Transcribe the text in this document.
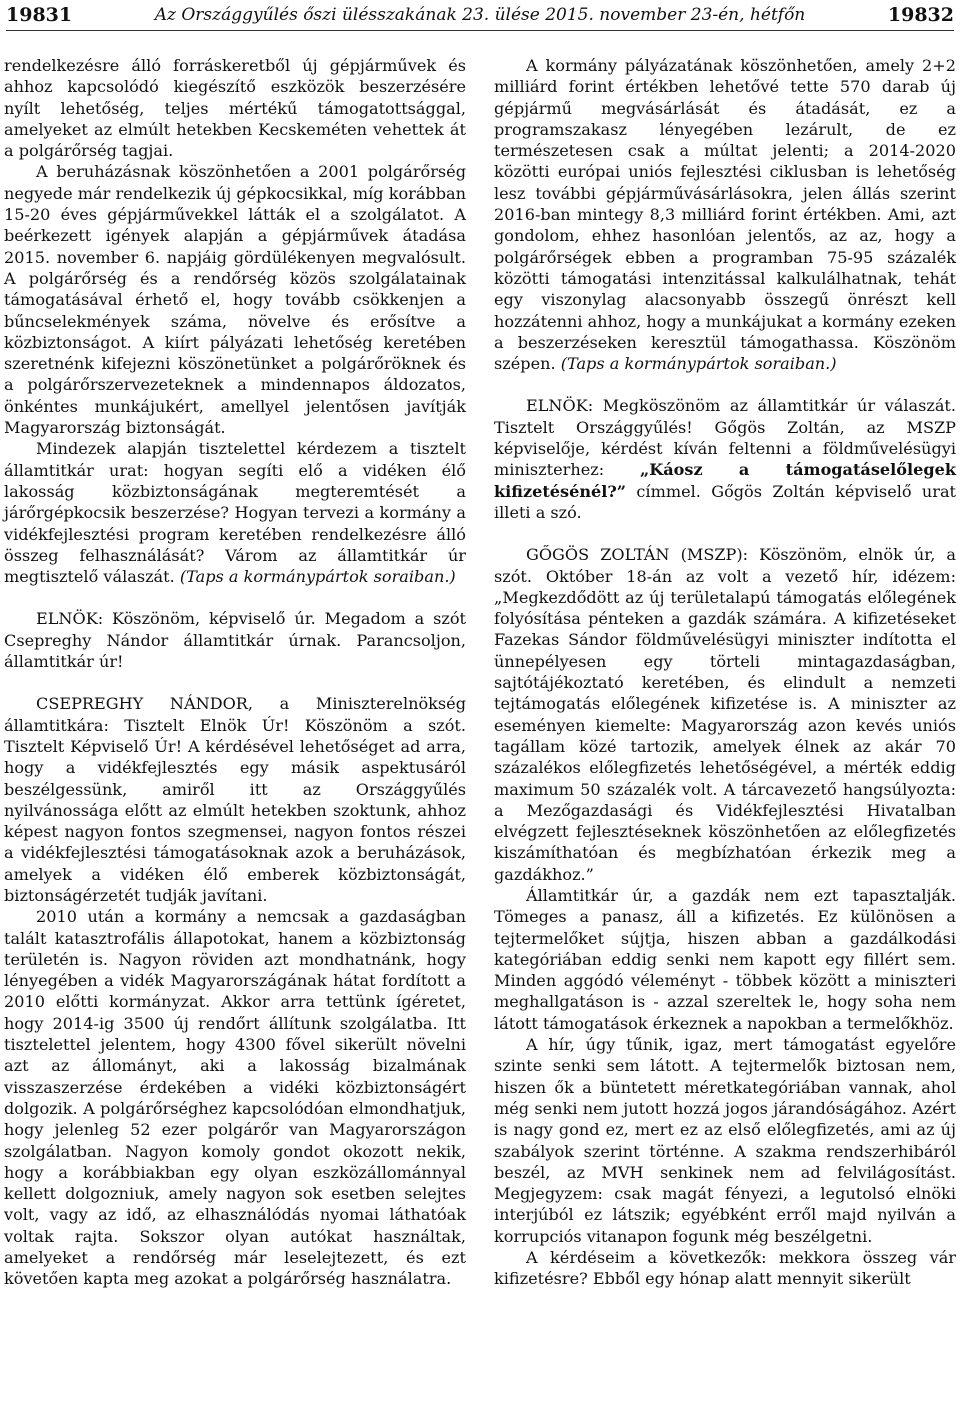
19831	Az Országgyűlés őszi ülésszakának 23. ülése 2015. november 23-én, hétfőn	19832

rendelkezésre álló forráskeretből új gépjárművek és ahhoz kapcsolódó kiegészítő eszközök beszerzésére nyílt lehetőség, teljes mértékű támogatottsággal, amelyeket az elmúlt hetekben Kecskeméten vehettek át a polgárőrség tagjai.

A beruházásnak köszönhetően a 2001 polgárőrség negyede már rendelkezik új gépkocsikkal, míg korábban 15-20 éves gépjárművekkel látták el a szolgálatot. A beérkezett igények alapján a gépjárművek átadása 2015. november 6. napjáig gördülékenyen megvalósult. A polgárőrség és a rendőrség közös szolgálatainak támogatásával érhető el, hogy tovább csökkenjen a bűncselekmények száma, növelve és erősítve a közbiztonságot. A kiírt pályázati lehetőség keretében szeretnénk kifejezni köszönetünket a polgárőröknek és a polgárőrszervezeteknek a mindennapos áldozatos, önkéntes munkájukért, amellyel jelentősen javítják Magyarország biztonságát.

Mindezek alapján tisztelettel kérdezem a tisztelt államtitkár urat: hogyan segíti elő a vidéken élő lakosság közbiztonságának megteremtését a járőrgépkocsik beszerzése? Hogyan tervezi a kormány a vidékfejlesztési program keretében rendelkezésre álló összeg felhasználását? Várom az államtitkár úr megtisztelő válaszát. (Taps a kormánypártok soraiban.)

ELNÖK: Köszönöm, képviselő úr. Megadom a szót Csepreghy Nándor államtitkár úrnak. Parancsoljon, államtitkár úr!

CSEPREGHY NÁNDOR, a Miniszterelnökség államtitkára: Tisztelt Elnök Úr! Köszönöm a szót. Tisztelt Képviselő Úr! A kérdésével lehetőséget ad arra, hogy a vidékfejlesztés egy másik aspektusáról beszélgessünk, amiről itt az Országgyűlés nyilvánossága előtt az elmúlt hetekben szoktunk, ahhoz képest nagyon fontos szegmensei, nagyon fontos részei a vidékfejlesztési támogatásoknak azok a beruházások, amelyek a vidéken élő emberek közbiztonságát, biztonságérzetét tudják javítani.

2010 után a kormány a nemcsak a gazdaságban talált katasztrofális állapotokat, hanem a közbiztonság területén is. Nagyon röviden azt mondhatnánk, hogy lényegében a vidék Magyarországának hátat fordított a 2010 előtti kormányzat. Akkor arra tettünk ígéretet, hogy 2014-ig 3500 új rendőrt állítunk szolgálatba. Itt tisztelettel jelentem, hogy 4300 fővel sikerült növelni azt az állományt, aki a lakosság bizalmának visszaszerzése érdekében a vidéki közbiztonságért dolgozik. A polgárőrséghez kapcsolódóan elmondhatjuk, hogy jelenleg 52 ezer polgárőr van Magyarországon szolgálatban. Nagyon komoly gondot okozott nekik, hogy a korábbiakban egy olyan eszközállománnyal kellett dolgozniuk, amely nagyon sok esetben selejtes volt, vagy az idő, az elhasználódás nyomai láthatóak voltak rajta. Sokszor olyan autókat használtak, amelyeket a rendőrség már leselejtezett, és ezt követően kapta meg azokat a polgárőrség használatra.

A kormány pályázatának köszönhetően, amely 2+2 milliárd forint értékben lehetővé tette 570 darab új gépjármű megvásárlását és átadását, ez a programszakasz lényegében lezárult, de ez természetesen csak a múltat jelenti; a 2014-2020 közötti európai uniós fejlesztési ciklusban is lehetőség lesz további gépjárművásárlásokra, jelen állás szerint 2016-ban mintegy 8,3 milliárd forint értékben. Ami, azt gondolom, ehhez hasonlóan jelentős, az az, hogy a polgárőrségek ebben a programban 75-95 százalék közötti támogatási intenzitással kalkulálhatnak, tehát egy viszonylag alacsonyabb összegű önrészt kell hozzátenni ahhoz, hogy a munkájukat a kormány ezeken a beszerzéseken keresztül támogathassa. Köszönöm szépen. (Taps a kormánypártok soraiban.)

ELNÖK: Megköszönöm az államtitkár úr válaszát. Tisztelt Országgyűlés! Gőgös Zoltán, az MSZP képviselője, kérdést kíván feltenni a földművelésügyi miniszterhez: „Káosz a támogatáselőlegek kifizetésénél?” címmel. Gőgös Zoltán képviselő urat illeti a szó.

GŐGÖS ZOLTÁN (MSZP): Köszönöm, elnök úr, a szót. Október 18-án az volt a vezető hír, idézem: „Megkezdődött az új területalapú támogatás előlegének folyósítása pénteken a gazdák számára. A kifizetéseket Fazekas Sándor földművelésügyi miniszter indította el ünnepélyesen egy törteli mintagazdaságban, sajtótájékoztató keretében, és elindult a nemzeti tejtámogatás előlegének kifizetése is. A miniszter az eseményen kiemelte: Magyarország azon kevés uniós tagállam közé tartozik, amelyek élnek az akár 70 százalékos előlegfizetés lehetőségével, a mérték eddig maximum 50 százalék volt. A tárcavezető hangsúlyozta: a Mezőgazdasági és Vidékfejlesztési Hivatalban elvégzett fejlesztéseknek köszönhetően az előlegfizetés kiszámíthatóan és megbízhatóan érkezik meg a gazdákhoz.”

Államtitkár úr, a gazdák nem ezt tapasztalják. Tömeges a panasz, áll a kifizetés. Ez különösen a tejtermelőket sújtja, hiszen abban a gazdálkodási kategóriában eddig senki nem kapott egy fillért sem. Minden aggódó véleményt - többek között a miniszteri meghallgatáson is - azzal szereltek le, hogy soha nem látott támogatások érkeznek a napokban a termelőkhöz.

A hír, úgy tűnik, igaz, mert támogatást egyelőre szinte senki sem látott. A tejtermelők biztosan nem, hiszen ők a büntetett méretkategóriában vannak, ahol még senki nem jutott hozzá jogos járandóságához. Azért is nagy gond ez, mert ez az első előlegfizetés, ami az új szabályok szerint történne. A szakma rendszerhibáról beszél, az MVH senkinek nem ad felvilágosítást. Megjegyzem: csak magát fényezi, a legutolsó elnöki interjúból ez látszik; egyébként erről majd nyilván a korrupciós vitanapon fogunk még beszélgetni.

A kérdéseim a következők: mekkora összeg vár kifizetésre? Ebből egy hónap alatt mennyit sikerült
